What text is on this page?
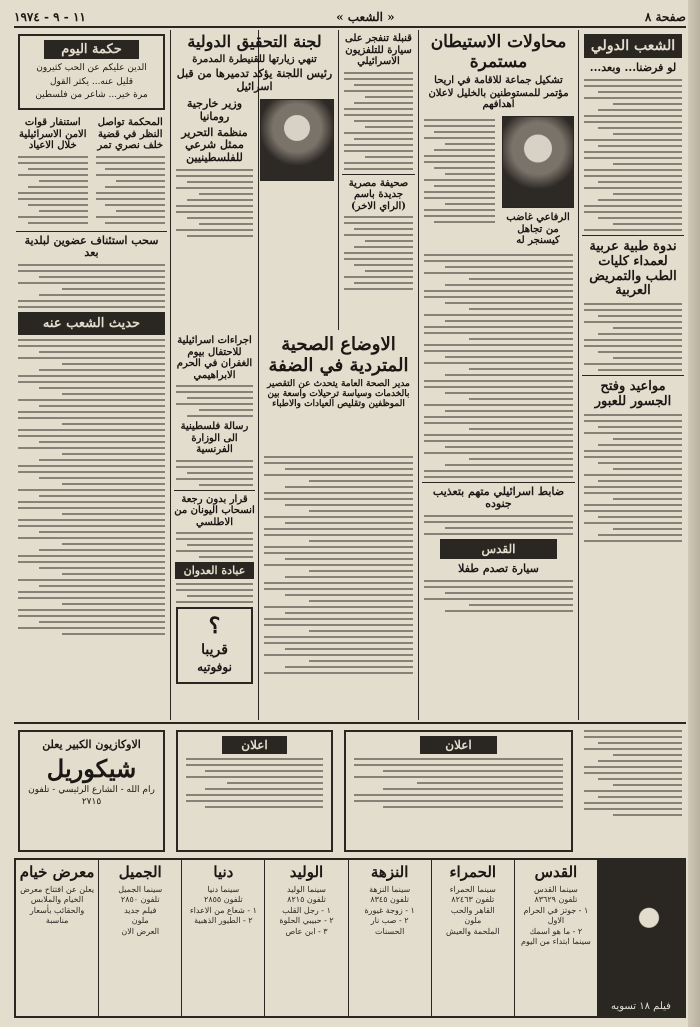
صفحة ٨
« الشعب »
١١ - ٩ - ١٩٧٤
الشعب الدولي
لو فرضنا... وبعد...
ندوة طبية عربية لعمداء كليات الطب والتمريض العربية
مواعيد وفتح الجسور للعبور
محاولات الاستيطان مستمرة
تشكيل جماعة للاقامة في اريحا
مؤتمر للمستوطنين بالخليل لاعلان اهدافهم
الرفاعي غاضب من تجاهل كيسنجر له
ضابط اسرائيلي متهم بتعذيب جنوده
القدس
سيارة تصدم طفلا
قنبلة تنفجر على سيارة للتلفزيون الاسرائيلي
صحيفة مصرية جديدة باسم (الراي الاخر)
لجنة التحقيق الدولية
تنهي زيارتها للقنيطرة المدمرة
رئيس اللجنة يؤكد تدميرها من قبل اسرائيل
وزير خارجية رومانيا
منظمة التحرير ممثل شرعي للفلسطينيين
الاوضاع الصحية المتردية في الضفة
مدير الصحة العامة يتحدث عن التقصير بالخدمات وسياسة ترحيلات واسعة بين الموظفين وتقليص العيادات والاطباء
اجراءات اسرائيلية للاحتفال بيوم الغفران في الحرم الابراهيمي
رسالة فلسطينية الى الوزارة الفرنسية
قرار بدون رجعة انسحاب اليونان من الاطلسي
عبادة العدوان
؟
قريبا
نوفوتيه
حكمة اليوم
الدين عليكم عن الحب كثيرون
قليل عنه... يكثر القول
مرة خير... شاعر من فلسطين
المحكمة تواصل النظر في قضية خلف نصري تمر
استنفار قوات الامن الاسرائيلية خلال الاعياد
سحب استئناف عضوين لبلدية بعد
حديث الشعب عنه
الاوكازيون الكبير يعلن
شيكوريل
رام الله - الشارع الرئيسي - تلفون ٢٧١٥
اعلان	اعلان
فيلم ١٨ تسويه
القدس
سينما القدس
تلفون ٨٣٦٢٩
١ - جوتز في الحرام الاول
٢ - ما هو اسمك
سينما ابتداء من اليوم
الحمراء
سينما الحمراء
تلفون ٨٢٤٦٣
القاهر والحب
ملون
الملحمة والعيش
النزهة
سينما النزهة
تلفون ٨٣٤٥
١ - زوجة غيورة
٢ - صب نار
الحسنات
الوليد
سينما الوليد
تلفون ٨٢١٥
١ - رجل القلب
٢ - حبيبي الحلوة
٣ - ابن عاص
دنيا
سينما دنيا
تلفون ٢٨٥٥
١ - شعاع من الاعداء
٢ - الطيور الذهبية
الجميل
سينما الجميل
تلفون ٢٨٥٠
فيلم جديد
ملون
العرض الان
معرض خيام
يعلن عن افتتاح معرض
الخيام والملابس
والحقائب بأسعار
مناسبة
